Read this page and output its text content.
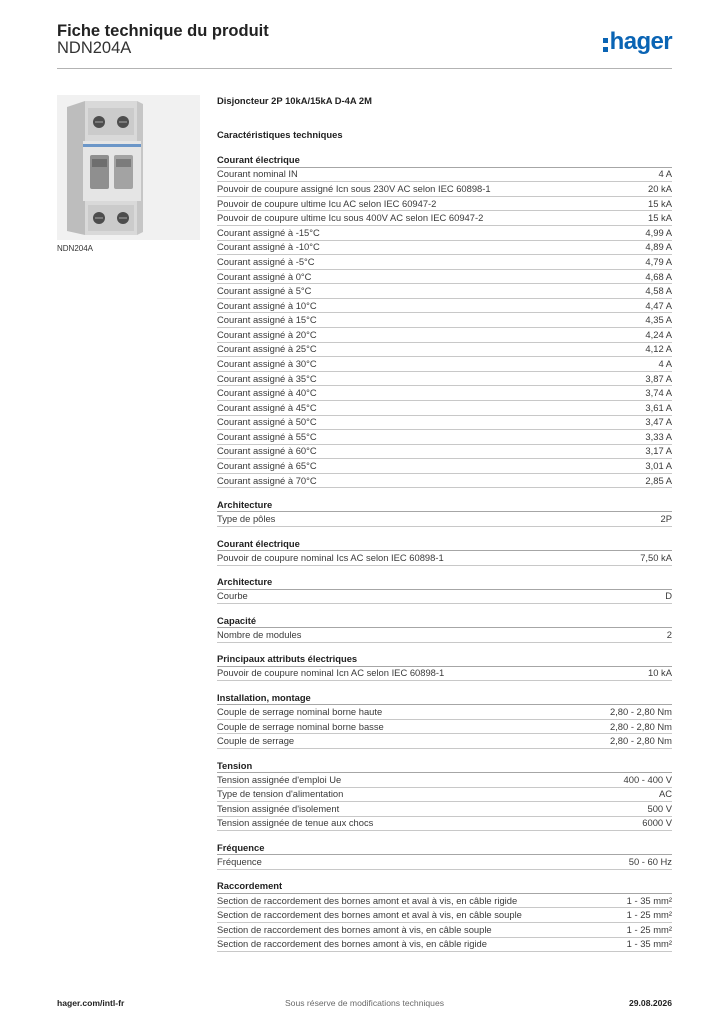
Fiche technique du produit
NDN204A	hager
NDN204A
Disjoncteur 2P 10kA/15kA D-4A 2M
Caractéristiques techniques
Courant électrique
Courant nominal IN	4 A
Pouvoir de coupure assigné Icn sous 230V AC selon IEC 60898-1	20 kA
Pouvoir de coupure ultime Icu AC selon IEC 60947-2	15 kA
Pouvoir de coupure ultime Icu sous 400V AC selon IEC 60947-2	15 kA
Courant assigné à -15°C	4,99 A
Courant assigné à -10°C	4,89 A
Courant assigné à -5°C	4,79 A
Courant assigné à 0°C	4,68 A
Courant assigné à 5°C	4,58 A
Courant assigné à 10°C	4,47 A
Courant assigné à 15°C	4,35 A
Courant assigné à 20°C	4,24 A
Courant assigné à 25°C	4,12 A
Courant assigné à 30°C	4 A
Courant assigné à 35°C	3,87 A
Courant assigné à 40°C	3,74 A
Courant assigné à 45°C	3,61 A
Courant assigné à 50°C	3,47 A
Courant assigné à 55°C	3,33 A
Courant assigné à 60°C	3,17 A
Courant assigné à 65°C	3,01 A
Courant assigné à 70°C	2,85 A
Architecture
Type de pôles	2P
Courant électrique
Pouvoir de coupure nominal Ics AC selon IEC 60898-1	7,50 kA
Architecture
Courbe	D
Capacité
Nombre de modules	2
Principaux attributs électriques
Pouvoir de coupure nominal Icn AC selon IEC 60898-1	10 kA
Installation, montage
Couple de serrage nominal borne haute	2,80 - 2,80 Nm
Couple de serrage nominal borne basse	2,80 - 2,80 Nm
Couple de serrage	2,80 - 2,80 Nm
Tension
Tension assignée d'emploi Ue	400 - 400 V
Type de tension d'alimentation	AC
Tension assignée d'isolement	500 V
Tension assignée de tenue aux chocs	6000 V
Fréquence
Fréquence	50 - 60 Hz
Raccordement
Section de raccordement des bornes amont et aval à vis, en câble rigide	1 - 35 mm²
Section de raccordement des bornes amont et aval à vis, en câble souple	1 - 25 mm²
Section de raccordement des bornes amont à vis, en câble souple	1 - 25 mm²
Section de raccordement des bornes amont à vis, en câble rigide	1 - 35 mm²
hager.com/intl-fr	Sous réserve de modifications techniques	29.08.2026
